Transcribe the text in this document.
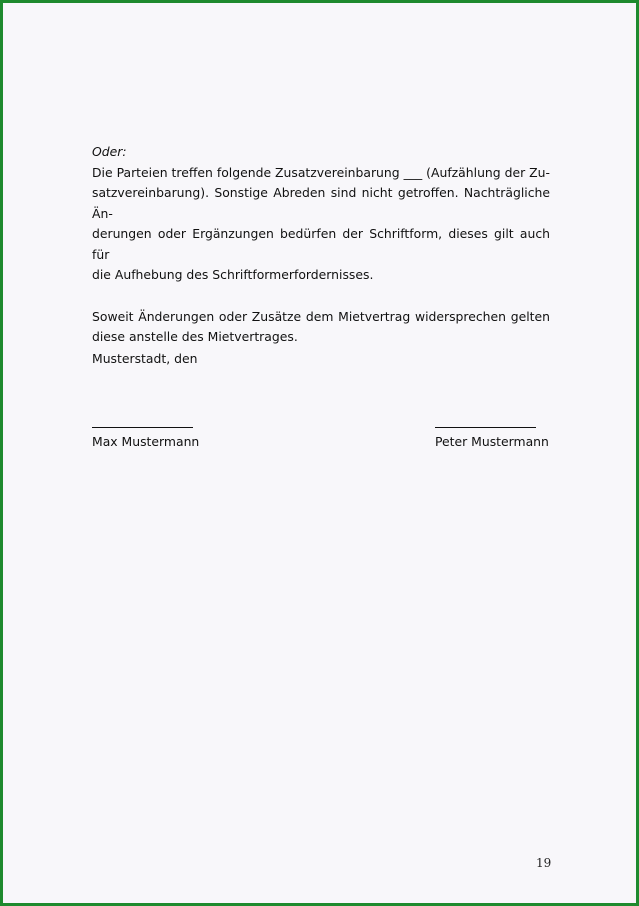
Oder:

Die Parteien treffen folgende Zusatzvereinbarung ___ (Aufzählung der Zu-
satzvereinbarung). Sonstige Abreden sind nicht getroffen. Nachträgliche Än-
derungen oder Ergänzungen bedürfen der Schriftform, dieses gilt auch für
die Aufhebung des Schriftformerfordernisses.

Soweit Änderungen oder Zusätze dem Mietvertrag widersprechen gelten
diese anstelle des Mietvertrages.

Musterstadt, den
Max Mustermann	Peter Mustermann
19
